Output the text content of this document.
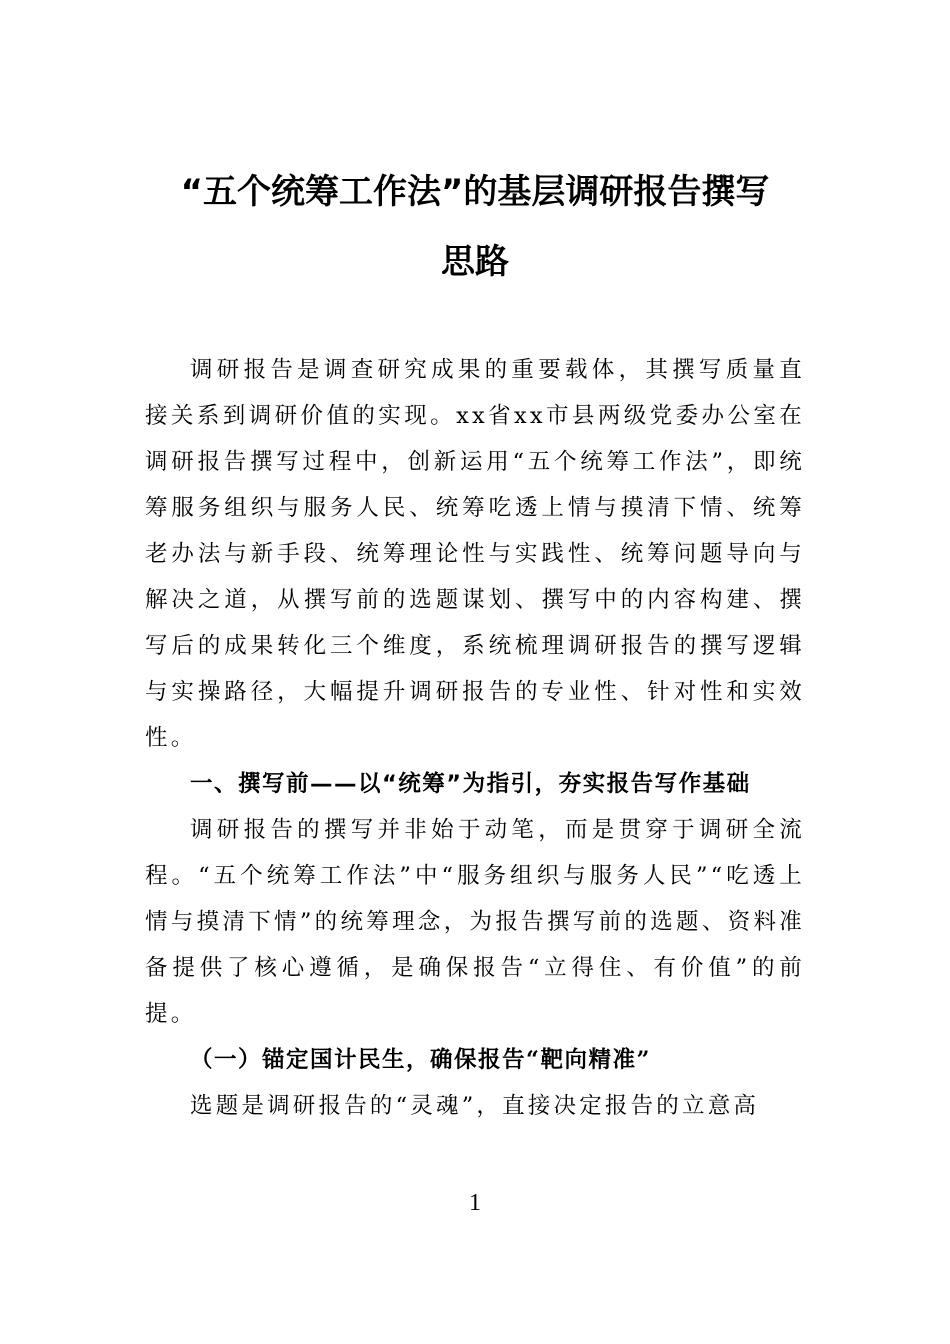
“五个统筹工作法”的基层调研报告撰写
思路

调研报告是调查研究成果的重要载体，其撰写质量直接关系到调研价值的实现。xx省xx市县两级党委办公室在调研报告撰写过程中，创新运用“五个统筹工作法”，即统筹服务组织与服务人民、统筹吃透上情与摸清下情、统筹老办法与新手段、统筹理论性与实践性、统筹问题导向与解决之道，从撰写前的选题谋划、撰写中的内容构建、撰写后的成果转化三个维度，系统梳理调研报告的撰写逻辑与实操路径，大幅提升调研报告的专业性、针对性和实效性。

一、撰写前——以“统筹”为指引，夯实报告写作基础

调研报告的撰写并非始于动笔，而是贯穿于调研全流程。“五个统筹工作法”中“服务组织与服务人民”“吃透上情与摸清下情”的统筹理念，为报告撰写前的选题、资料准备提供了核心遵循，是确保报告“立得住、有价值”的前提。

（一）锚定国计民生，确保报告“靶向精准”

选题是调研报告的“灵魂”，直接决定报告的立意高

1
